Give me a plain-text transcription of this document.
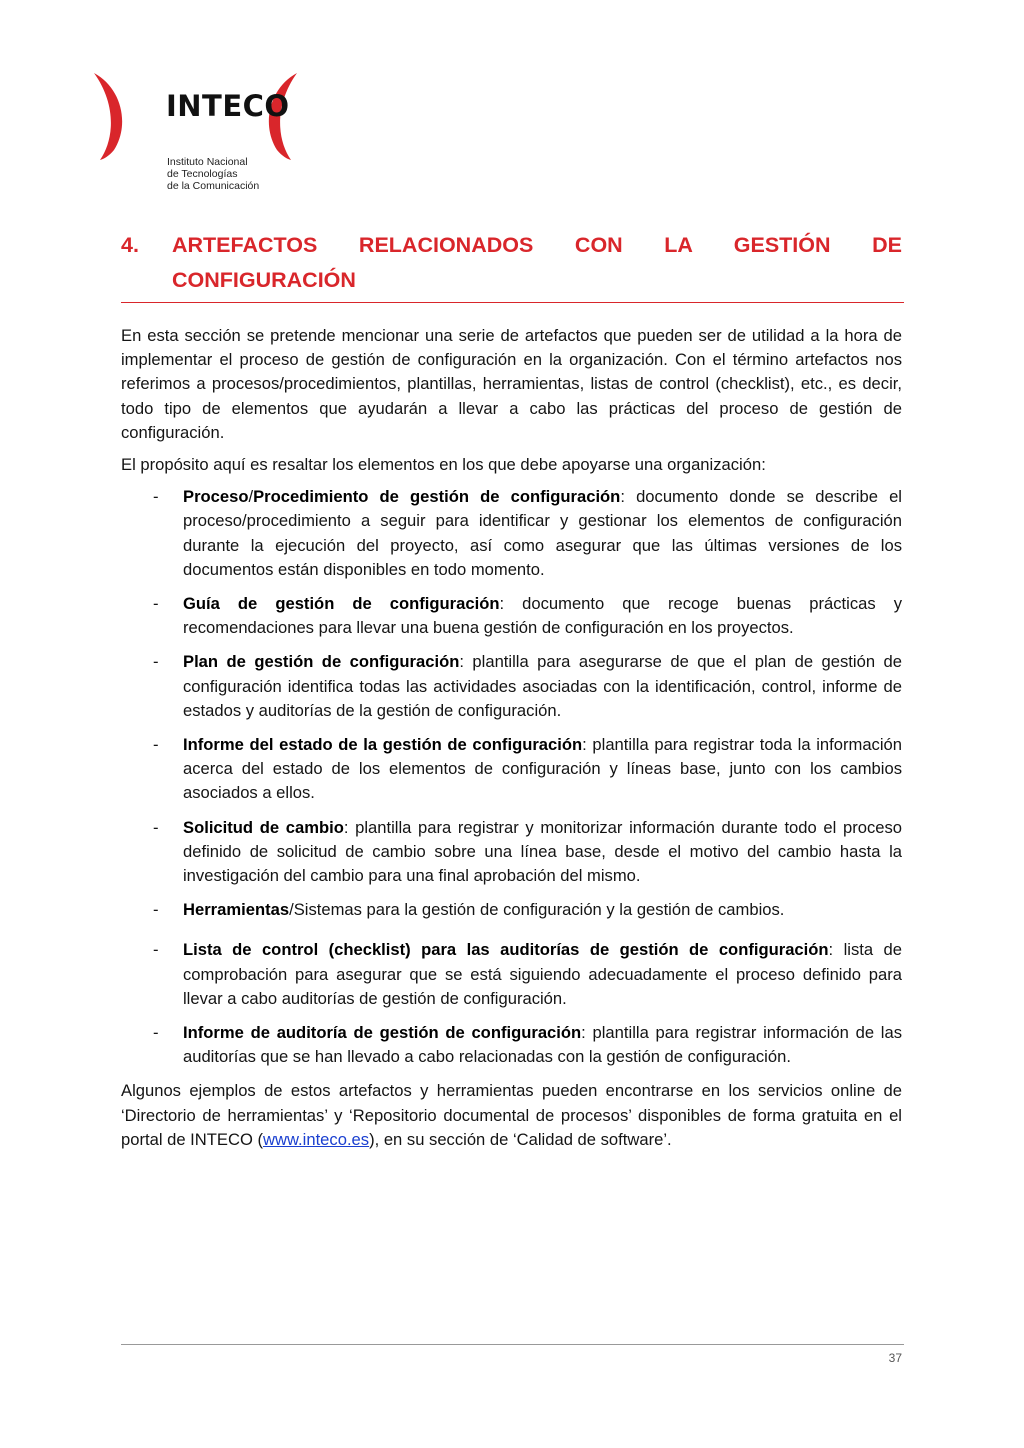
INTECO
Instituto Nacional
de Tecnologías
de la Comunicación
4.	ARTEFACTOS RELACIONADOS CON LA GESTIÓN DE
CONFIGURACIÓN

En esta sección se pretende mencionar una serie de artefactos que pueden ser de utilidad a la hora de implementar el proceso de gestión de configuración en la organización. Con el término artefactos nos referimos a procesos/procedimientos, plantillas, herramientas, listas de control (checklist), etc., es decir, todo tipo de elementos que ayudarán a llevar a cabo las prácticas del proceso de gestión de configuración.

El propósito aquí es resaltar los elementos en los que debe apoyarse una organización:

- Proceso/Procedimiento de gestión de configuración: documento donde se describe el proceso/procedimiento a seguir para identificar y gestionar los elementos de configuración durante la ejecución del proyecto, así como asegurar que las últimas versiones de los documentos están disponibles en todo momento.
- Guía de gestión de configuración: documento que recoge buenas prácticas y recomendaciones para llevar una buena gestión de configuración en los proyectos.
- Plan de gestión de configuración: plantilla para asegurarse de que el plan de gestión de configuración identifica todas las actividades asociadas con la identificación, control, informe de estados y auditorías de la gestión de configuración.
- Informe del estado de la gestión de configuración: plantilla para registrar toda la información acerca del estado de los elementos de configuración y líneas base, junto con los cambios asociados a ellos.
- Solicitud de cambio: plantilla para registrar y monitorizar información durante todo el proceso definido de solicitud de cambio sobre una línea base, desde el motivo del cambio hasta la investigación del cambio para una final aprobación del mismo.
- Herramientas/Sistemas para la gestión de configuración y la gestión de cambios.
- Lista de control (checklist) para las auditorías de gestión de configuración: lista de comprobación para asegurar que se está siguiendo adecuadamente el proceso definido para llevar a cabo auditorías de gestión de configuración.
- Informe de auditoría de gestión de configuración: plantilla para registrar información de las auditorías que se han llevado a cabo relacionadas con la gestión de configuración.

Algunos ejemplos de estos artefactos y herramientas pueden encontrarse en los servicios online de ‘Directorio de herramientas’ y ‘Repositorio documental de procesos’ disponibles de forma gratuita en el portal de INTECO (www.inteco.es), en su sección de ‘Calidad de software’.

37
